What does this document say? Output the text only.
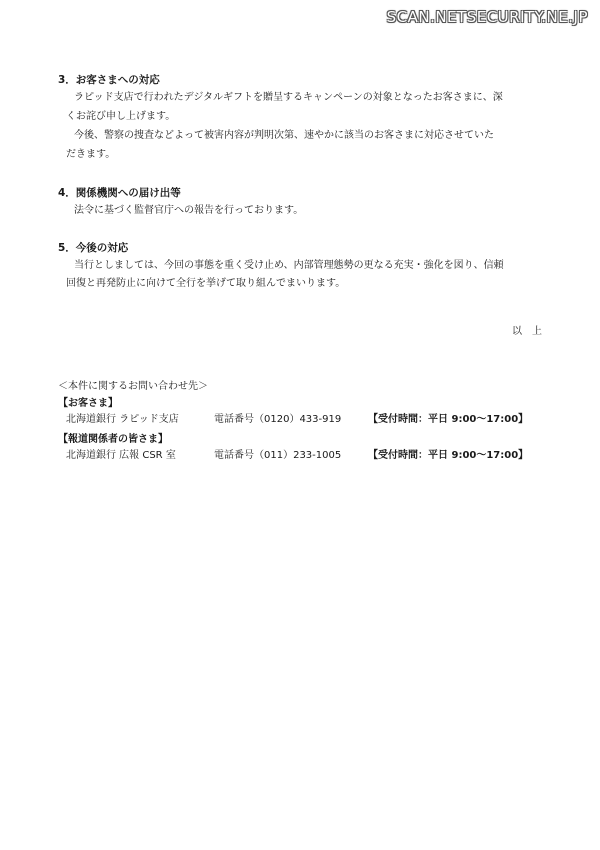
SCAN.NETSECURITY.NE.JP
3．お客さまへの対応
ラピッド支店で行われたデジタルギフトを贈呈するキャンペーンの対象となったお客さまに、深
くお詫び申し上げます。
今後、警察の捜査などよって被害内容が判明次第、速やかに該当のお客さまに対応させていた
だきます。
4．関係機関への届け出等
法令に基づく監督官庁への報告を行っております。
5．今後の対応
当行としましては、今回の事態を重く受け止め、内部管理態勢の更なる充実・強化を図り、信頼
回復と再発防止に向けて全行を挙げて取り組んでまいります。
以　上
＜本件に関するお問い合わせ先＞
【お客さま】
北海道銀行 ラピッド支店	電話番号（0120）433-919	【受付時間：平日 9:00～17:00】
【報道関係者の皆さま】
北海道銀行 広報 CSR 室	電話番号（011）233-1005	【受付時間：平日 9:00～17:00】
